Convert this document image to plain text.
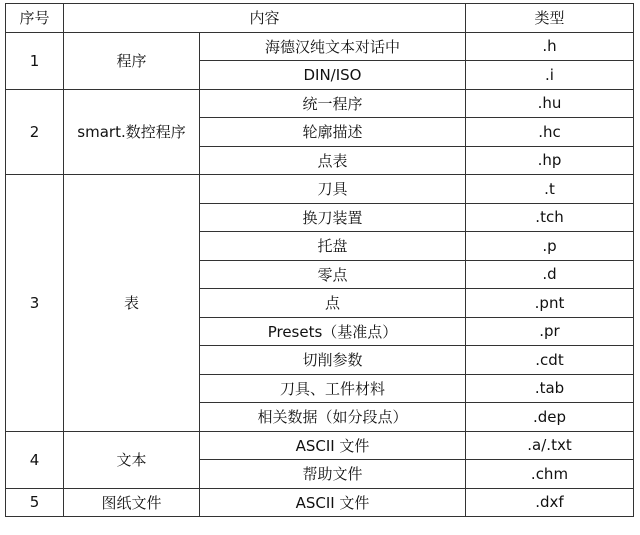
序号	内容		类型
1	程序	海德汉纯文本对话中	.h
		DIN/ISO	.i
2	smart.数控程序	统一程序	.hu
		轮廓描述	.hc
		点表	.hp
3	表	刀具	.t
		换刀装置	.tch
		托盘	.p
		零点	.d
		点	.pnt
		Presets（基准点）	.pr
		切削参数	.cdt
		刀具、工件材料	.tab
		相关数据（如分段点）	.dep
4	文本	ASCII 文件	.a/.txt
		帮助文件	.chm
5	图纸文件	ASCII 文件	.dxf
